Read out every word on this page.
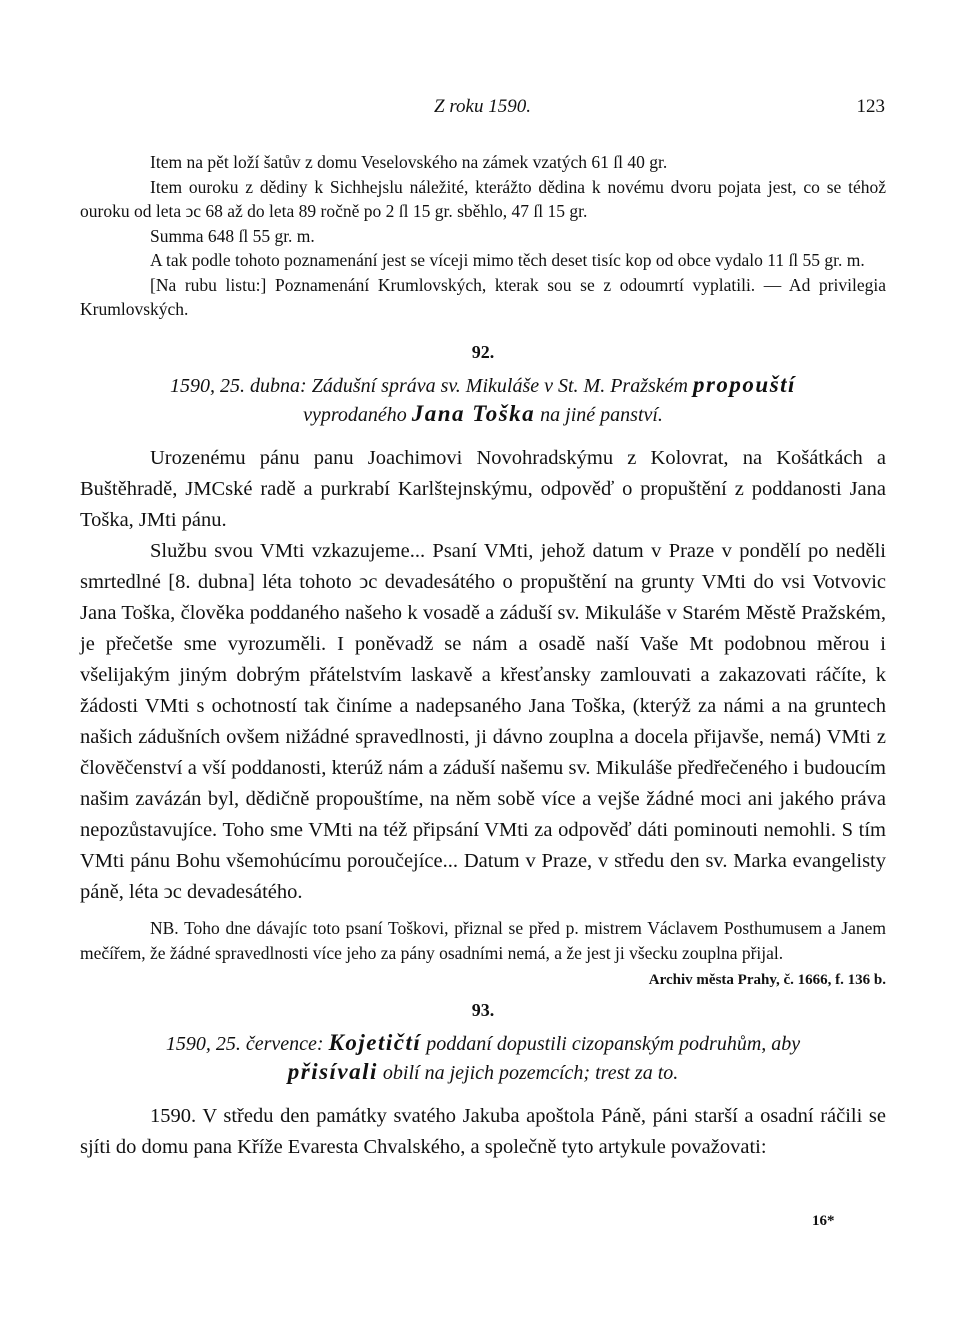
Z roku 1590.	123

Item na pět loží šatův z domu Veselovského na zámek vzatých 61 ſl 40 gr.

Item ouroku z dědiny k Sichhejslu náležité, kterážto dědina k novému dvoru pojata jest, co se téhož ouroku od leta ↄc 68 až do leta 89 ročně po 2 ſl 15 gr. sběhlo, 47 ſl 15 gr.

Summa 648 ſl 55 gr. m.

A tak podle tohoto poznamenání jest se víceji mimo těch deset tisíc kop od obce vydalo 11 ſl 55 gr. m.

[Na rubu listu:] Poznamenání Krumlovských, kterak sou se z odoumrtí vyplatili. — Ad privilegia Krumlovských.

92.
1590, 25. dubna: Zádušní správa sv. Mikuláše v St. M. Pražském propouští
vyprodaného Jana Toška na jiné panství.

Urozenému pánu panu Joachimovi Novohradskýmu z Kolovrat, na Košátkách a Buštěhradě, JMCské radě a purkrabí Karlštejnskýmu, odpověď o propuštění z poddanosti Jana Toška, JMti pánu.

Službu svou VMti vzkazujeme... Psaní VMti, jehož datum v Praze v pondělí po neděli smrtedlné [8. dubna] léta tohoto ↄc devadesátého o propuštění na grunty VMti do vsi Votvovic Jana Toška, člověka poddaného našeho k vosadě a záduší sv. Mikuláše v Starém Městě Pražském, je přečetše sme vyrozuměli. I poněvadž se nám a osadě naší Vaše Mt podobnou měrou i všelijakým jiným dobrým přátelstvím laskavě a křesťansky zamlouvati a zakazovati ráčíte, k žádosti VMti s ochotností tak činíme a nadepsaného Jana Toška, (kterýž za námi a na gruntech našich zádušních ovšem nižádné spravedlnosti, ji dávno zouplna a docela přijavše, nemá) VMti z človĕčenství a vší poddanosti, kterúž nám a záduší našemu sv. Mikuláše předřečeného i budoucím našim zavázán byl, dědičně propouštíme, na něm sobě více a vejše žádné moci ani jakého práva nepozůstavujíce. Toho sme VMti na též připsání VMti za odpověď dáti pominouti nemohli. S tím VMti pánu Bohu všemohúcímu poroučejíce... Datum v Praze, v středu den sv. Marka evangelisty páně, léta ↄc devadesátého.

NB. Toho dne dávajíc toto psaní Toškovi, přiznal se před p. mistrem Václavem Posthumusem a Janem mečířem, že žádné spravedlnosti více jeho za pány osadními nemá, a že jest ji všecku zouplna přijal.
Archiv města Prahy, č. 1666, f. 136 b.

93.
1590, 25. července: Kojetičtí poddaní dopustili cizopanským podruhům, aby
přisívali obilí na jejich pozemcích; trest za to.

1590. V středu den památky svatého Jakuba apoštola Páně, páni starší a osadní ráčili se sjíti do domu pana Kříže Evaresta Chvalského, a společně tyto artykule považovati:

16*
